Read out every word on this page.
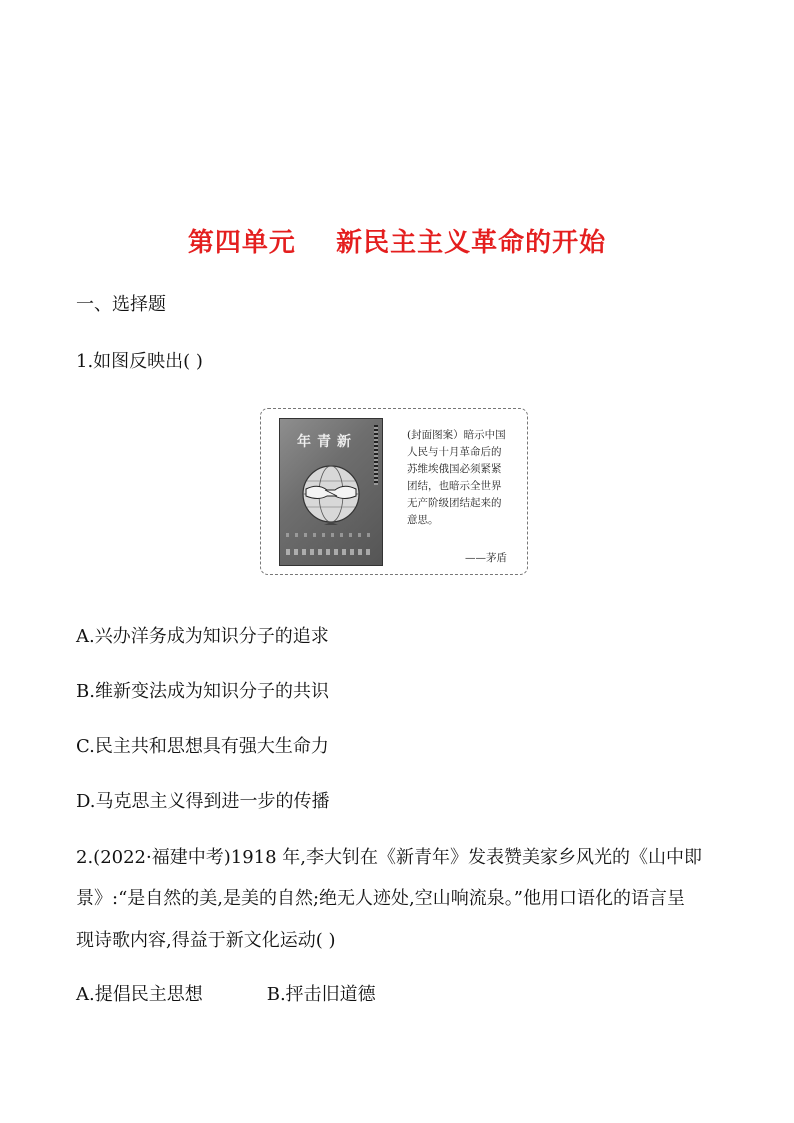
第四单元    新民主主义革命的开始
一、选择题
1.如图反映出( )
年青新	(封面图案）暗示中国
人民与十月革命后的
苏维埃俄国必须紧紧
团结，也暗示全世界
无产阶级团结起来的
意思。
——茅盾
A.兴办洋务成为知识分子的追求
B.维新变法成为知识分子的共识
C.民主共和思想具有强大生命力
D.马克思主义得到进一步的传播
2.(2022·福建中考)1918 年,李大钊在《新青年》发表赞美家乡风光的《山中即
景》:“是自然的美,是美的自然;绝无人迹处,空山响流泉。”他用口语化的语言呈
现诗歌内容,得益于新文化运动( )
A.提倡民主思想	B.抨击旧道德
